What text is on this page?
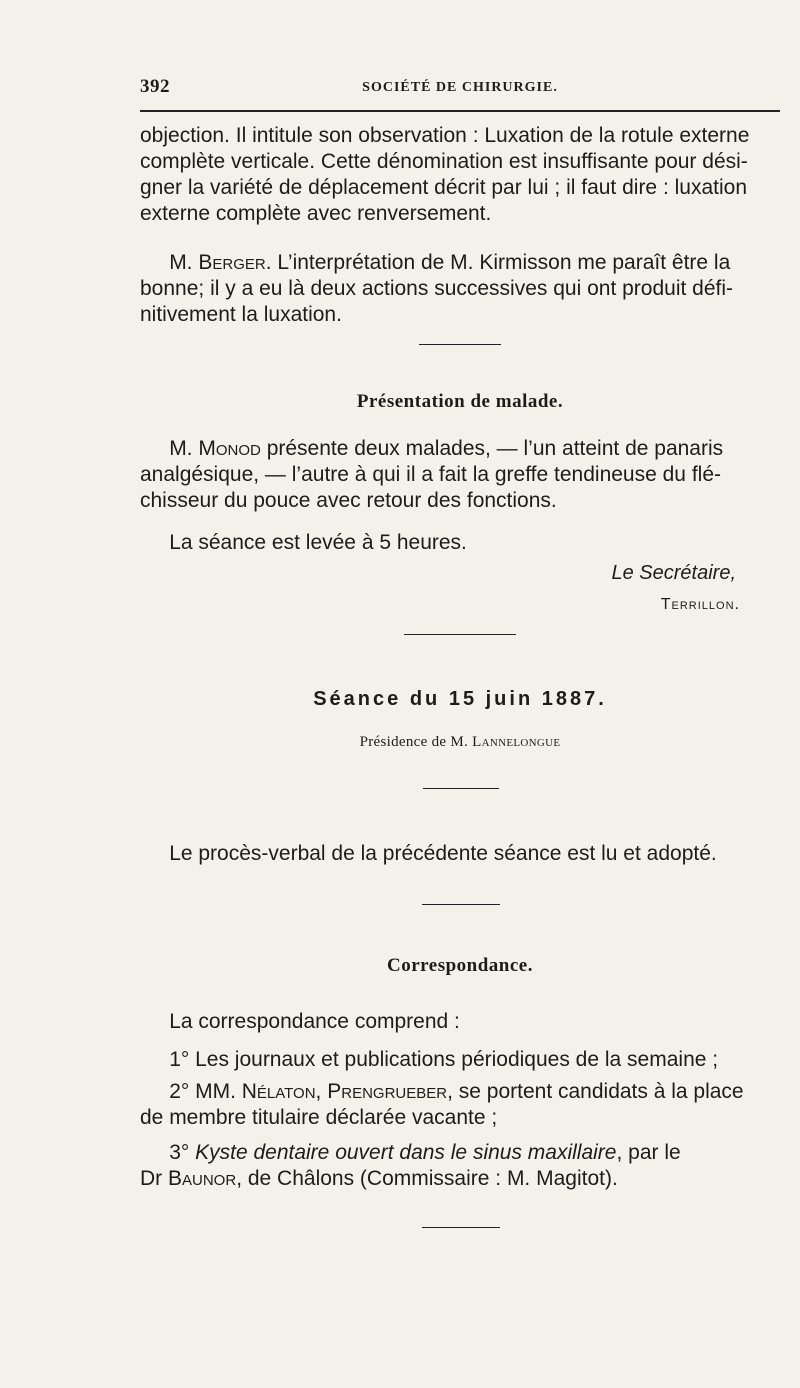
392	SOCIÉTÉ DE CHIRURGIE.

objection. Il intitule son observation : Luxation de la rotule externe
complète verticale. Cette dénomination est insuffisante pour dési-
gner la variété de déplacement décrit par lui ; il faut dire : luxation
externe complète avec renversement.

M. Berger. L’interprétation de M. Kirmisson me paraît être la
bonne; il y a eu là deux actions successives qui ont produit défi-
nitivement la luxation.

Présentation de malade.

M. Monod présente deux malades, — l’un atteint de panaris
analgésique, — l’autre à qui il a fait la greffe tendineuse du flé-
chisseur du pouce avec retour des fonctions.

La séance est levée à 5 heures.

Le Secrétaire,

Terrillon.

Séance du 15 juin 1887.

Présidence de M. Lannelongue

Le procès-verbal de la précédente séance est lu et adopté.

Correspondance.

La correspondance comprend :

1° Les journaux et publications périodiques de la semaine ;

2° MM. Nélaton, Prengrueber, se portent candidats à la place
de membre titulaire déclarée vacante ;

3° Kyste dentaire ouvert dans le sinus maxillaire, par le
Dr Baunor, de Châlons (Commissaire : M. Magitot).
